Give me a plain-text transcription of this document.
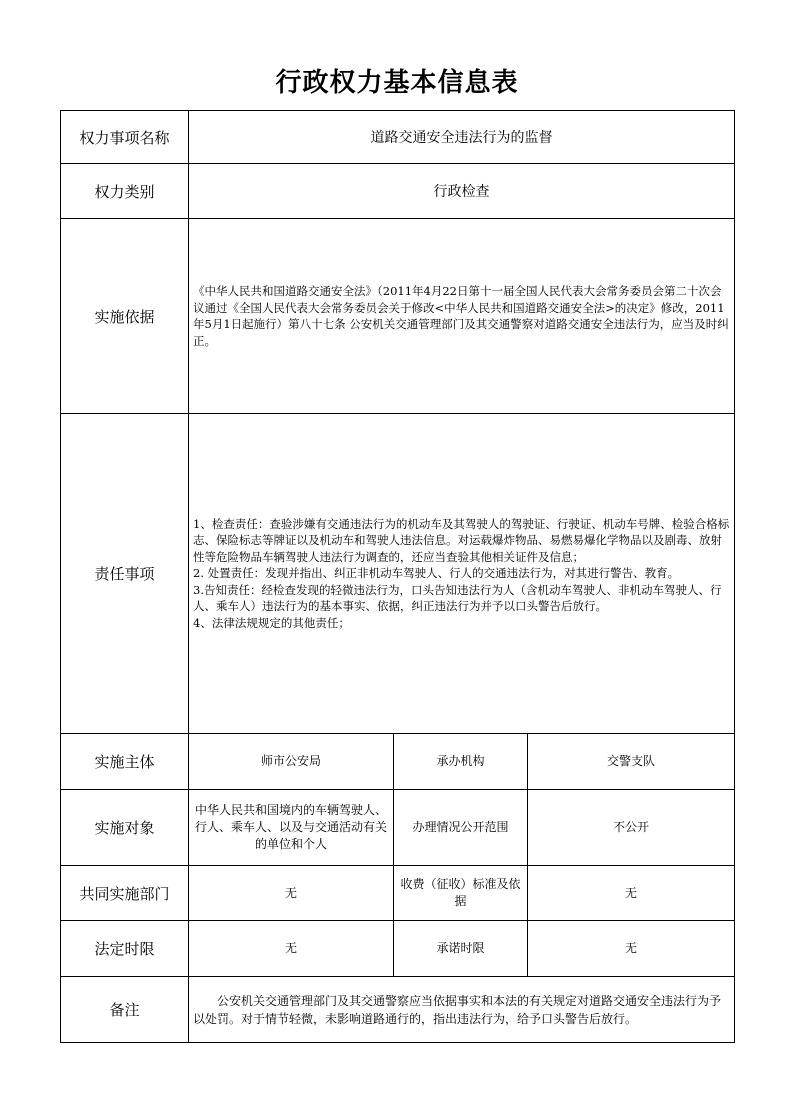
行政权力基本信息表
权力事项名称	道路交通安全违法行为的监督		
权力类别	行政检查		
实施依据	《中华人民共和国道路交通安全法》（2011年4月22日第十一届全国人民代表大会常务委员会第二十次会议通过《全国人民代表大会常务委员会关于修改<中华人民共和国道路交通安全法>的决定》修改，2011年5月1日起施行）第八十七条 公安机关交通管理部门及其交通警察对道路交通安全违法行为，应当及时纠正。		
责任事项	1、检查责任：查验涉嫌有交通违法行为的机动车及其驾驶人的驾驶证、行驶证、机动车号牌、检验合格标志、保险标志等牌证以及机动车和驾驶人违法信息。对运载爆炸物品、易燃易爆化学物品以及剧毒、放射性等危险物品车辆驾驶人违法行为调查的，还应当查验其他相关证件及信息；
2. 处置责任：发现并指出、纠正非机动车驾驶人、行人的交通违法行为，对其进行警告、教育。
3.告知责任：经检查发现的轻微违法行为，口头告知违法行为人（含机动车驾驶人、非机动车驾驶人、行人、乘车人）违法行为的基本事实、依据，纠正违法行为并予以口头警告后放行。
4、法律法规规定的其他责任；		

实施主体	师市公安局	承办机构	交警支队
实施对象	中华人民共和国境内的车辆驾驶人、行人、乘车人、以及与交通活动有关的单位和个人	办理情况公开范围	不公开
共同实施部门	无	收费（征收）标准及依据	无
法定时限	无	承诺时限	无
备注	　　公安机关交通管理部门及其交通警察应当依据事实和本法的有关规定对道路交通安全违法行为予以处罚。对于情节轻微，未影响道路通行的，指出违法行为，给予口头警告后放行。		
